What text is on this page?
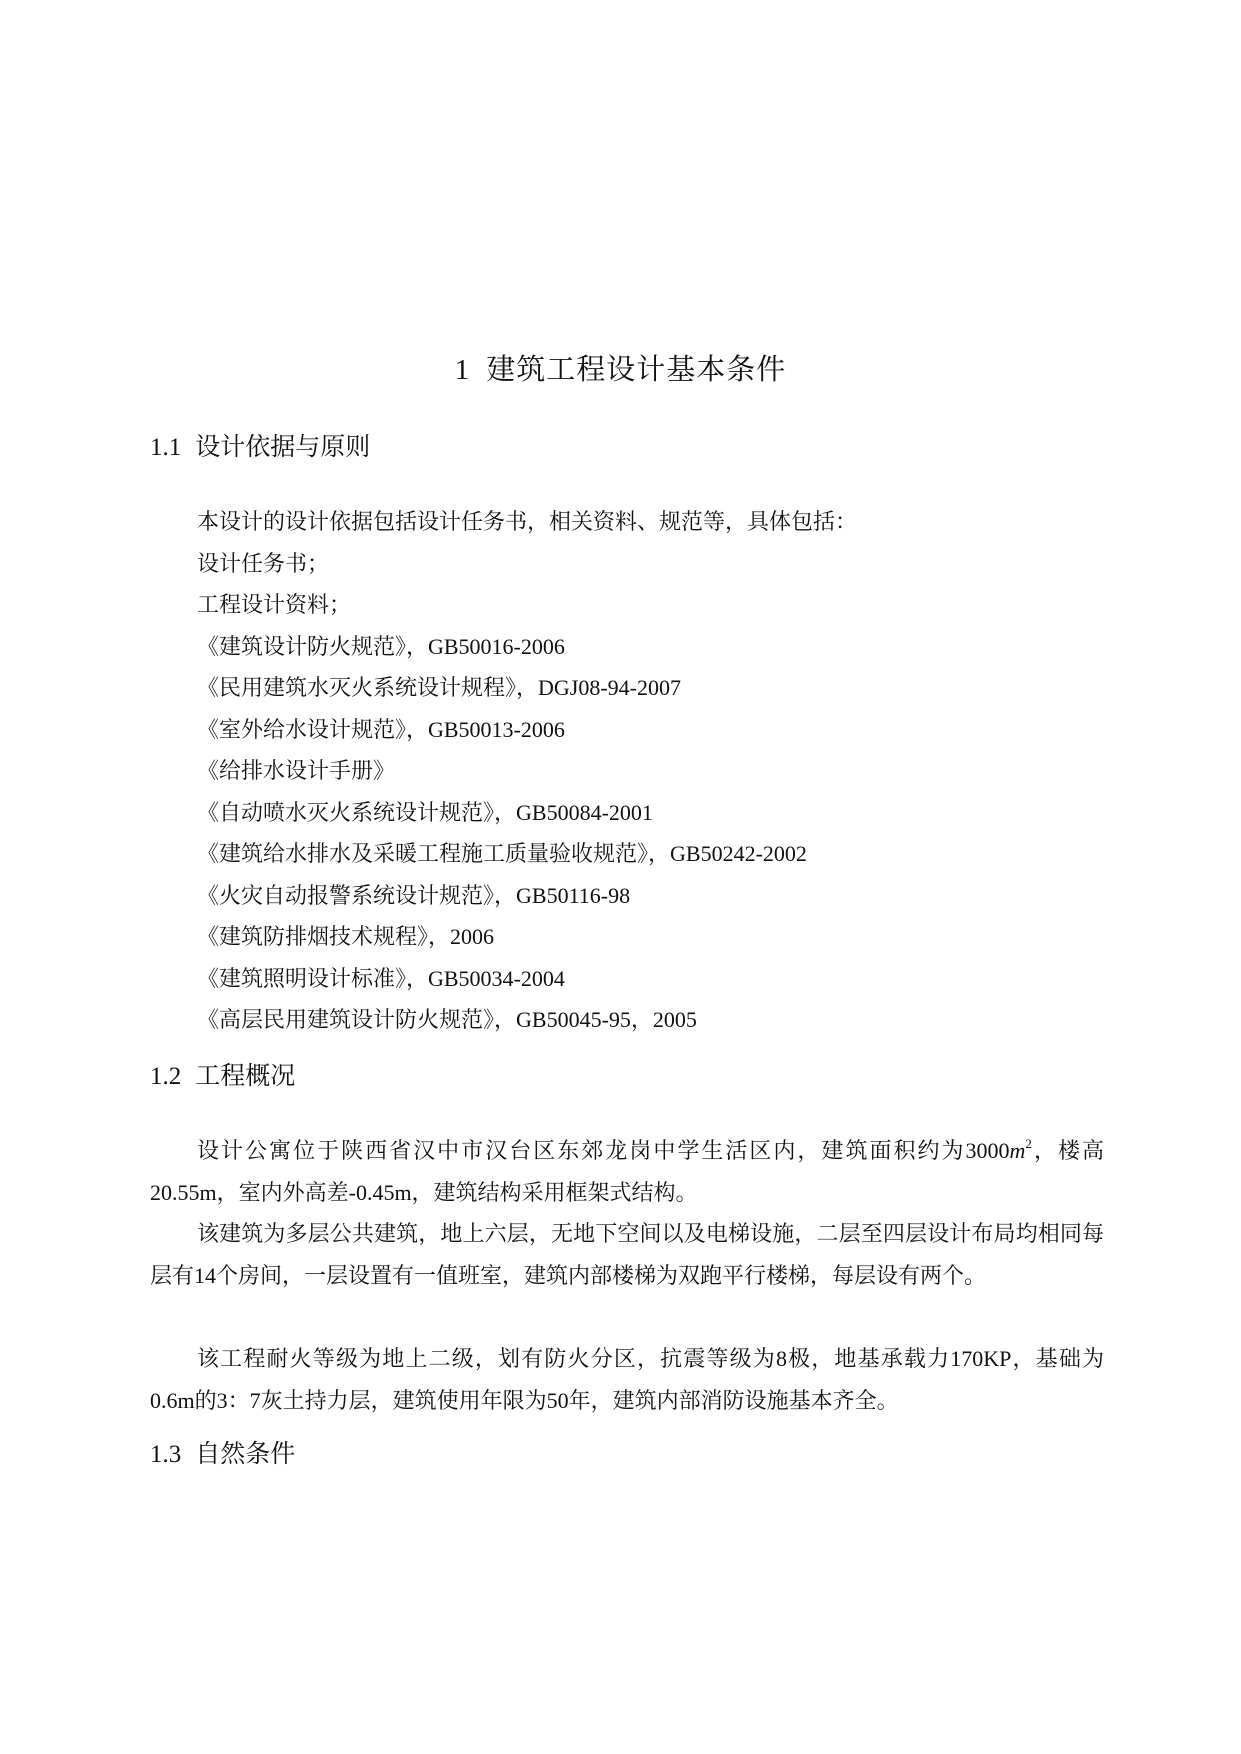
1 建筑工程设计基本条件
1.1 设计依据与原则
本设计的设计依据包括设计任务书，相关资料、规范等，具体包括：
设计任务书；
工程设计资料；
《建筑设计防火规范》，GB50016-2006
《民用建筑水灭火系统设计规程》，DGJ08-94-2007
《室外给水设计规范》，GB50013-2006
《给排水设计手册》
《自动喷水灭火系统设计规范》，GB50084-2001
《建筑给水排水及采暖工程施工质量验收规范》，GB50242-2002
《火灾自动报警系统设计规范》，GB50116-98
《建筑防排烟技术规程》，2006
《建筑照明设计标准》，GB50034-2004
《高层民用建筑设计防火规范》，GB50045-95，2005
1.2 工程概况

设计公寓位于陕西省汉中市汉台区东郊龙岗中学生活区内，建筑面积约为$3000m^2$，楼高20.55m，室内外高差-0.45m，建筑结构采用框架式结构。

该建筑为多层公共建筑，地上六层，无地下空间以及电梯设施，二层至四层设计布局均相同每层有14个房间，一层设置有一值班室，建筑内部楼梯为双跑平行楼梯，每层设有两个。

该工程耐火等级为地上二级，划有防火分区，抗震等级为8极，地基承载力170KP，基础为0.6m的3：7灰土持力层，建筑使用年限为50年，建筑内部消防设施基本齐全。

1.3 自然条件
